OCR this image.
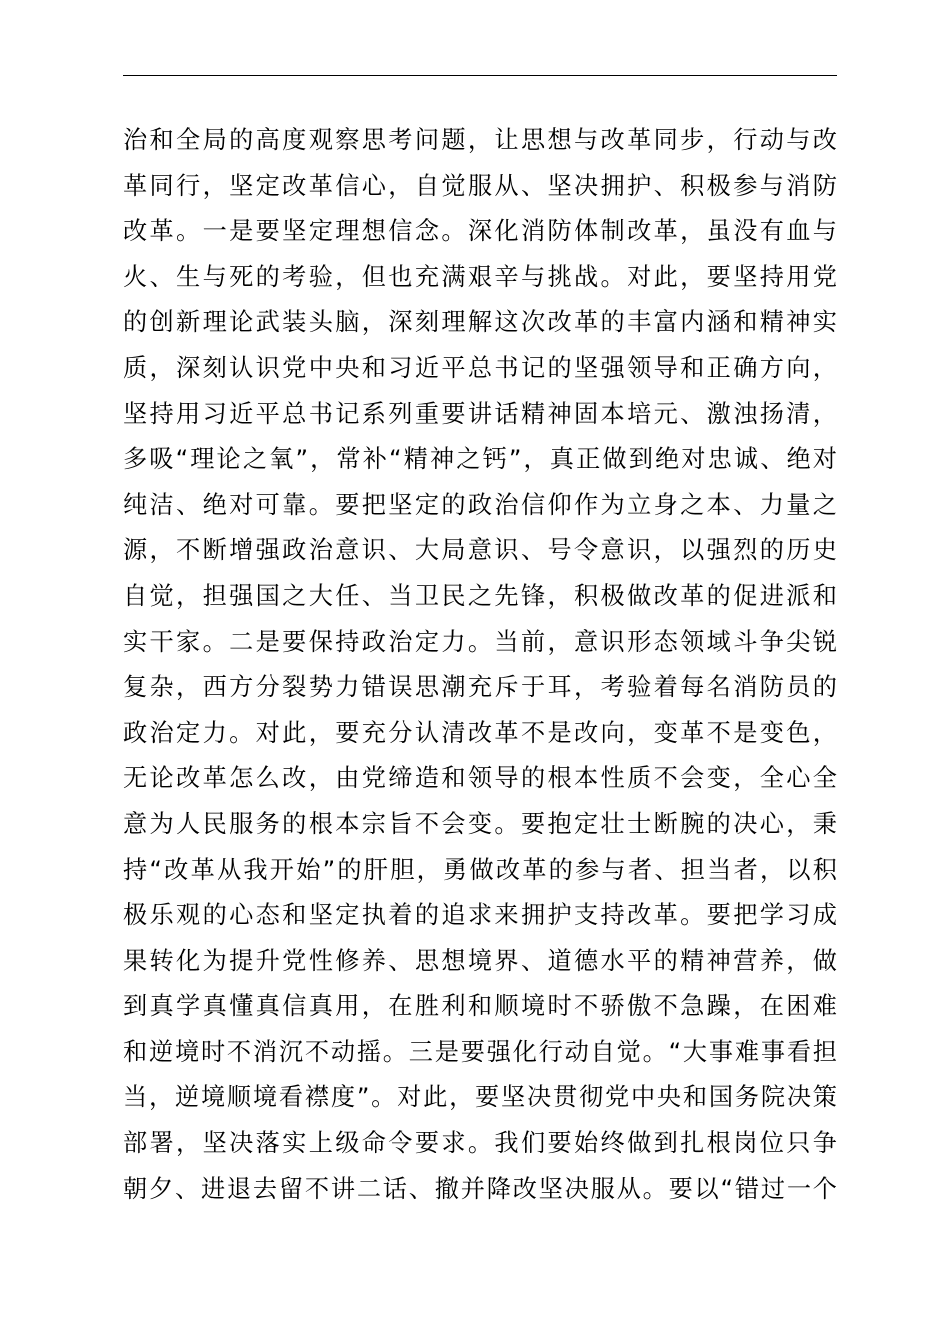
治和全局的高度观察思考问题，让思想与改革同步，行动与改
革同行，坚定改革信心，自觉服从、坚决拥护、积极参与消防
改革。一是要坚定理想信念。深化消防体制改革，虽没有血与
火、生与死的考验，但也充满艰辛与挑战。对此，要坚持用党
的创新理论武装头脑，深刻理解这次改革的丰富内涵和精神实
质，深刻认识党中央和习近平总书记的坚强领导和正确方向，
坚持用习近平总书记系列重要讲话精神固本培元、激浊扬清，
多吸“理论之氧”，常补“精神之钙”，真正做到绝对忠诚、绝对
纯洁、绝对可靠。要把坚定的政治信仰作为立身之本、力量之
源，不断增强政治意识、大局意识、号令意识，以强烈的历史
自觉，担强国之大任、当卫民之先锋，积极做改革的促进派和
实干家。二是要保持政治定力。当前，意识形态领域斗争尖锐
复杂，西方分裂势力错误思潮充斥于耳，考验着每名消防员的
政治定力。对此，要充分认清改革不是改向，变革不是变色，
无论改革怎么改，由党缔造和领导的根本性质不会变，全心全
意为人民服务的根本宗旨不会变。要抱定壮士断腕的决心，秉
持“改革从我开始”的肝胆，勇做改革的参与者、担当者，以积
极乐观的心态和坚定执着的追求来拥护支持改革。要把学习成
果转化为提升党性修养、思想境界、道德水平的精神营养，做
到真学真懂真信真用，在胜利和顺境时不骄傲不急躁，在困难
和逆境时不消沉不动摇。三是要强化行动自觉。“大事难事看担
当，逆境顺境看襟度”。对此，要坚决贯彻党中央和国务院决策
部署，坚决落实上级命令要求。我们要始终做到扎根岗位只争
朝夕、进退去留不讲二话、撤并降改坚决服从。要以“错过一个
